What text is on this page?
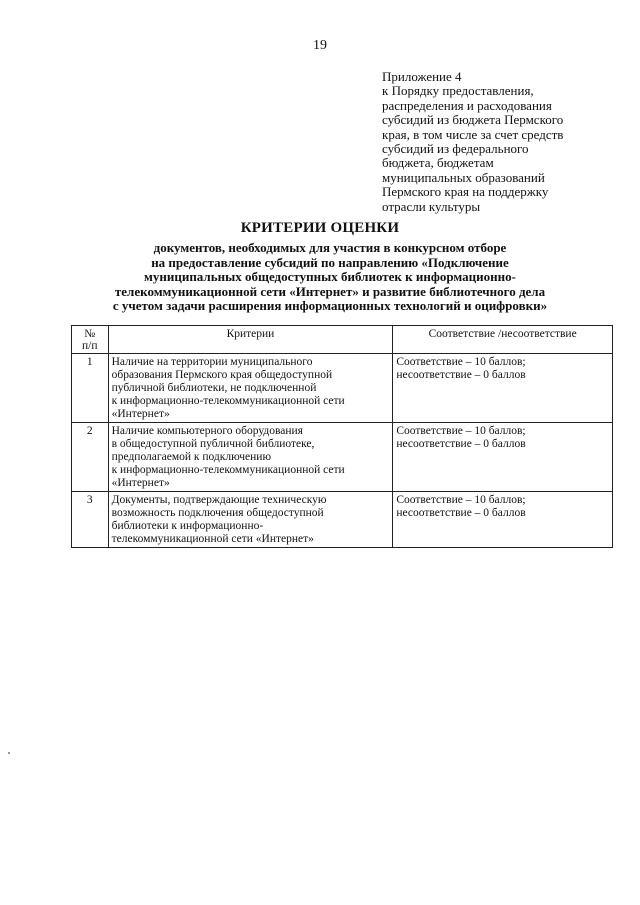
19
Приложение 4
к Порядку предоставления,
распределения и расходования
субсидий из бюджета Пермского
края, в том числе за счет средств
субсидий из федерального
бюджета, бюджетам
муниципальных образований
Пермского края на поддержку
отрасли культуры
КРИТЕРИИ ОЦЕНКИ
документов, необходимых для участия в конкурсном отборе
на предоставление субсидий по направлению «Подключение
муниципальных общедоступных библиотек к информационно-
телекоммуникационной сети «Интернет» и развитие библиотечного дела
с учетом задачи расширения информационных технологий и оцифровки»
№
п/п	Критерии	Соответствие /несоответствие
1	Наличие на территории муниципального
образования Пермского края общедоступной
публичной библиотеки, не подключенной
к информационно-телекоммуникационной сети
«Интернет»	Соответствие – 10 баллов;
несоответствие – 0 баллов

2	Наличие компьютерного оборудования
в общедоступной публичной библиотеке,
предполагаемой к подключению
к информационно-телекоммуникационной сети
«Интернет»	Соответствие – 10 баллов;
несоответствие – 0 баллов

3	Документы, подтверждающие техническую
возможность подключения общедоступной
библиотеки к информационно-
телекоммуникационной сети «Интернет»	Соответствие – 10 баллов;
несоответствие – 0 баллов
